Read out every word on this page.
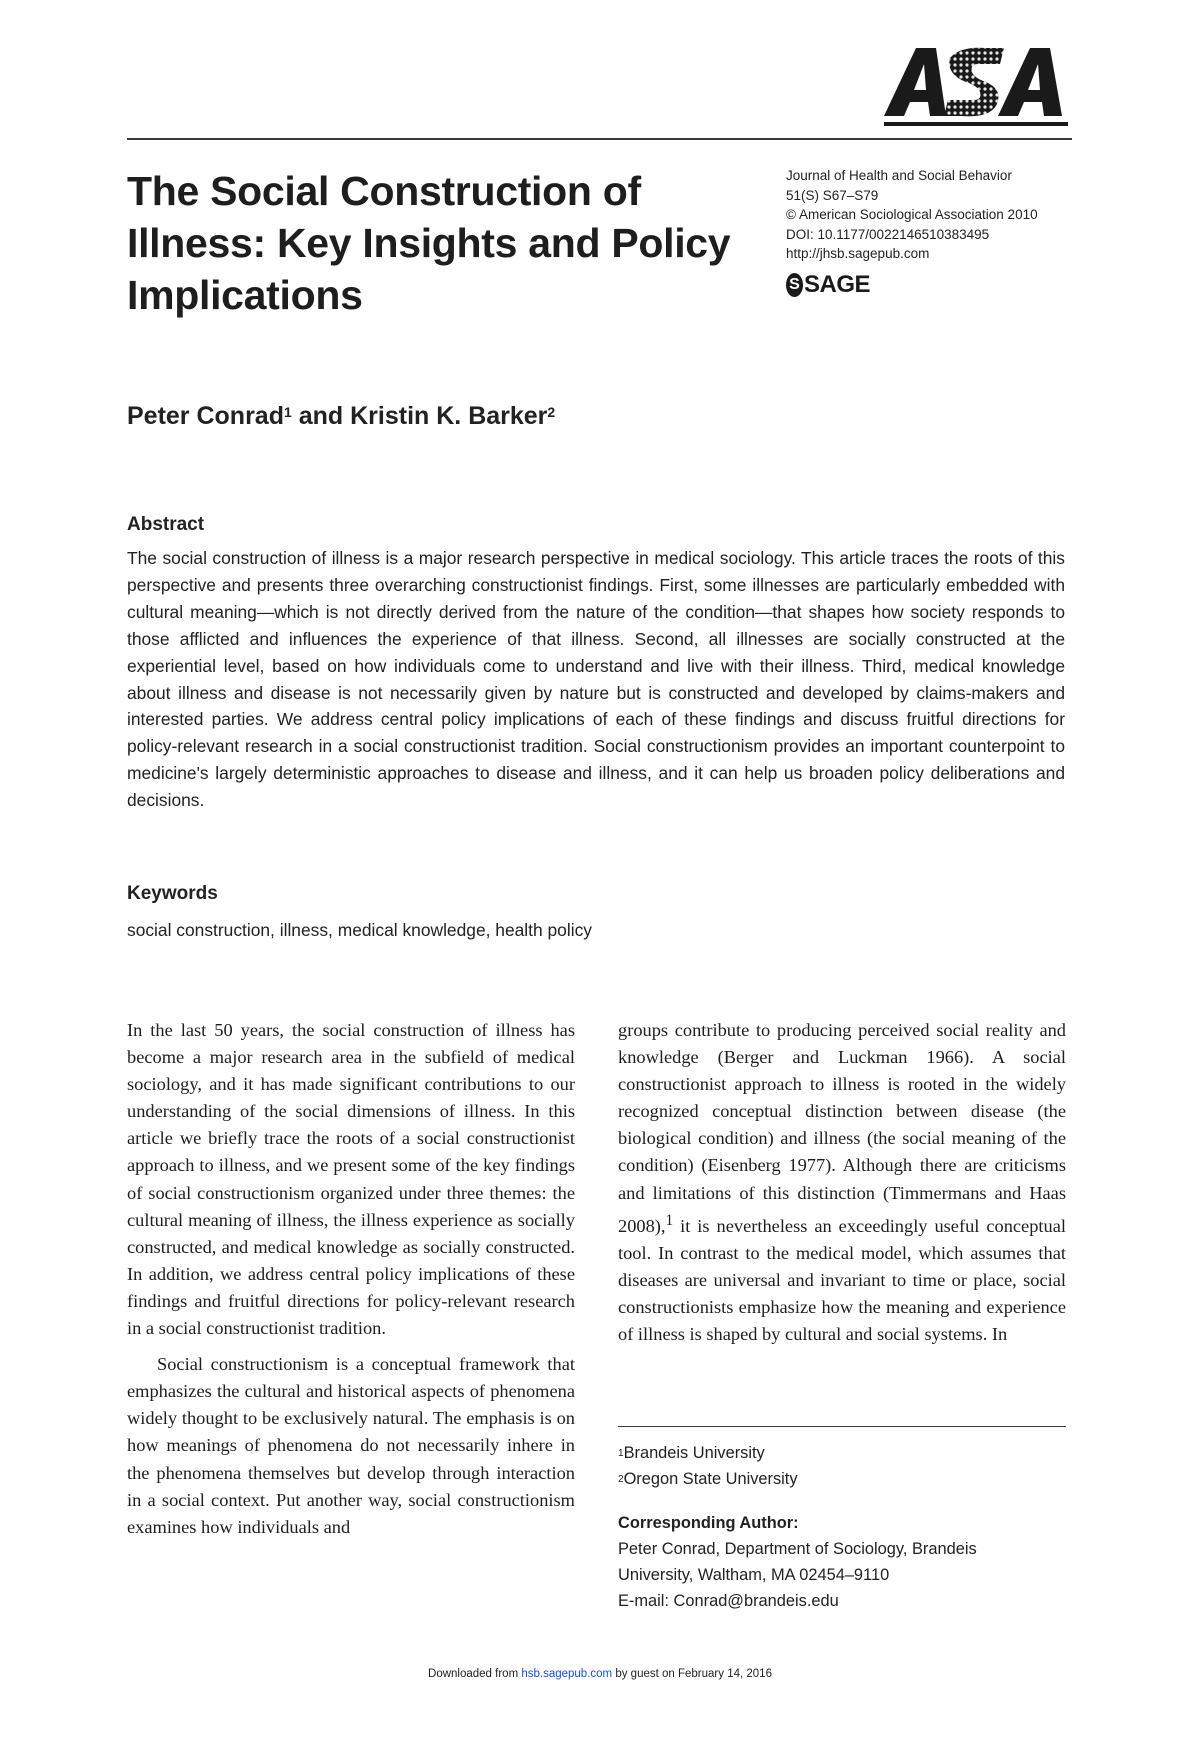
The Social Construction of Illness: Key Insights and Policy Implications
Journal of Health and Social Behavior
51(S) S67–S79
© American Sociological Association 2010
DOI: 10.1177/0022146510383495
http://jhsb.sagepub.com
S SAGE

Peter Conrad$^1$ and Kristin K. Barker$^2$

Abstract

The social construction of illness is a major research perspective in medical sociology. This article traces the roots of this perspective and presents three overarching constructionist findings. First, some illnesses are particularly embedded with cultural meaning—which is not directly derived from the nature of the condition—that shapes how society responds to those afflicted and influences the experience of that illness. Second, all illnesses are socially constructed at the experiential level, based on how individuals come to understand and live with their illness. Third, medical knowledge about illness and disease is not necessarily given by nature but is constructed and developed by claims-makers and interested parties. We address central policy implications of each of these findings and discuss fruitful directions for policy-relevant research in a social constructionist tradition. Social constructionism provides an important counterpoint to medicine's largely deterministic approaches to disease and illness, and it can help us broaden policy deliberations and decisions.

Keywords

social construction, illness, medical knowledge, health policy

In the last 50 years, the social construction of illness has become a major research area in the subfield of medical sociology, and it has made significant contributions to our understanding of the social dimensions of illness. In this article we briefly trace the roots of a social constructionist approach to illness, and we present some of the key findings of social constructionism organized under three themes: the cultural meaning of illness, the illness experience as socially constructed, and medical knowledge as socially constructed. In addition, we address central policy implications of these findings and fruitful directions for policy-relevant research in a social constructionist tradition.

Social constructionism is a conceptual framework that emphasizes the cultural and historical aspects of phenomena widely thought to be exclusively natural. The emphasis is on how meanings of phenomena do not necessarily inhere in the phenomena themselves but develop through interaction in a social context. Put another way, social constructionism examines how individuals and

groups contribute to producing perceived social reality and knowledge (Berger and Luckman 1966). A social constructionist approach to illness is rooted in the widely recognized conceptual distinction between disease (the biological condition) and illness (the social meaning of the condition) (Eisenberg 1977). Although there are criticisms and limitations of this distinction (Timmermans and Haas 2008),$^1$ it is nevertheless an exceedingly useful conceptual tool. In contrast to the medical model, which assumes that diseases are universal and invariant to time or place, social constructionists emphasize how the meaning and experience of illness is shaped by cultural and social systems. In

$^1$Brandeis University
$^2$Oregon State University
Corresponding Author:
Peter Conrad, Department of Sociology, Brandeis
University, Waltham, MA 02454–9110
E-mail: Conrad@brandeis.edu
Downloaded from hsb.sagepub.com by guest on February 14, 2016
